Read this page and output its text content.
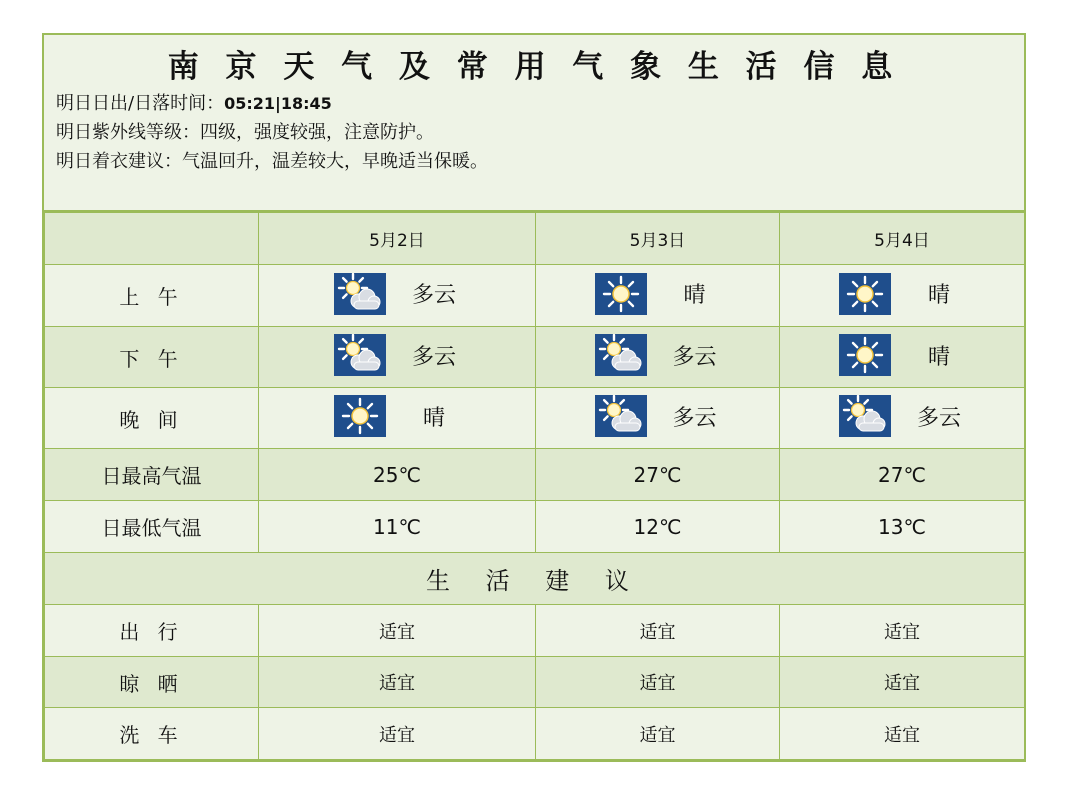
南 京 天 气 及 常 用 气 象 生 活 信 息
明日日出/日落时间：05:21|18:45
明日紫外线等级：四级，强度较强，注意防护。
明日着衣建议：气温回升，温差较大，早晚适当保暖。
	5月2日	5月3日	5月4日
上 午	多云	晴	晴

下 午	多云	多云	晴

晚 间	晴	多云	多云

日最高气温	25℃	27℃	27℃
日最低气温	11℃	12℃	13℃
生 活 建 议			
出 行	适宜	适宜	适宜
晾 晒	适宜	适宜	适宜
洗 车	适宜	适宜	适宜
